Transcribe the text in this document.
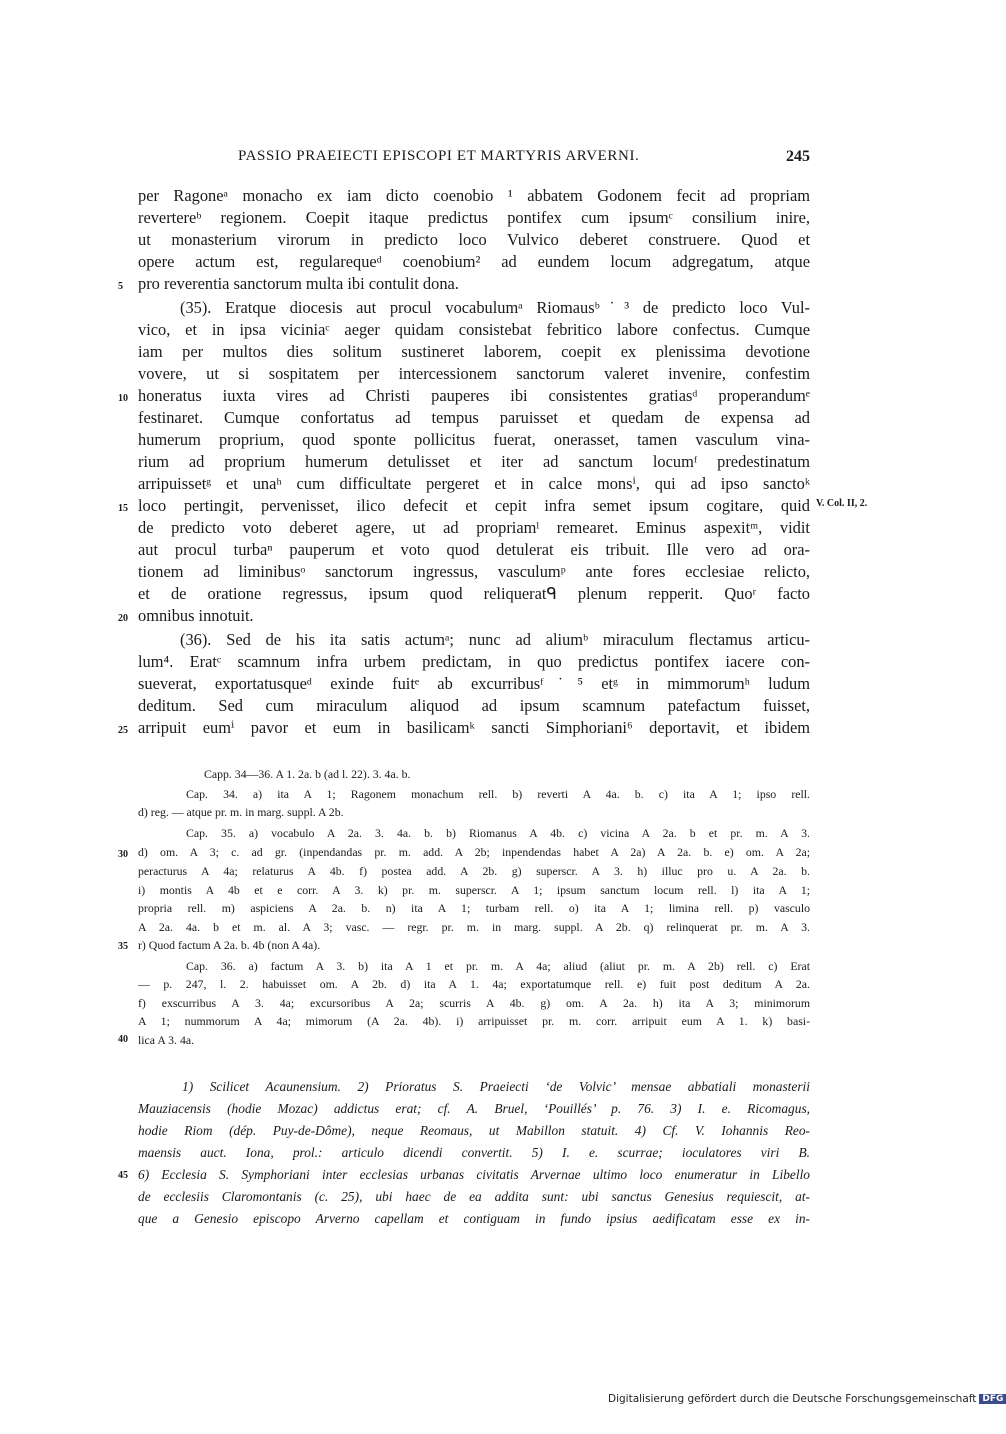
PASSIO PRAEIECTI EPISCOPI ET MARTYRIS ARVERNI.	245
per Ragoneᵃ monacho ex iam dicto coenobio ¹ abbatem Godonem fecit ad propriam
revertereᵇ regionem. Coepit itaque predictus pontifex cum ipsumᶜ consilium inire,
ut monasterium virorum in predicto loco Vulvico deberet construere. Quod et
opere actum est, regularequeᵈ coenobium² ad eundem locum adgregatum, atque
pro reverentia sanctorum multa ibi contulit dona.
(35). Eratque diocesis aut procul vocabulumᵃ Riomausᵇ˙³ de predicto loco Vul-
vico, et in ipsa viciniaᶜ aeger quidam consistebat febritico labore confectus. Cumque
iam per multos dies solitum sustineret laborem, coepit ex plenissima devotione
vovere, ut si sospitatem per intercessionem sanctorum valeret invenire, confestim
honeratus iuxta vires ad Christi pauperes ibi consistentes gratiasᵈ properandumᵉ
festinaret. Cumque confortatus ad tempus paruisset et quedam de expensa ad
humerum proprium, quod sponte pollicitus fuerat, onerasset, tamen vasculum vina-
rium ad proprium humerum detulisset et iter ad sanctum locumᶠ predestinatum
arripuissetᵍ et unaʰ cum difficultate pergeret et in calce monsⁱ, qui ad ipso sanctoᵏ
loco pertingit, pervenisset, ilico defecit et cepit infra semet ipsum cogitare, quid
de predicto voto deberet agere, ut ad propriamˡ remearet. Eminus aspexitᵐ, vidit
aut procul turbaⁿ pauperum et voto quod detulerat eis tribuit. Ille vero ad ora-
tionem ad liminibusᵒ sanctorum ingressus, vasculumᵖ ante fores ecclesiae relicto,
et de oratione regressus, ipsum quod reliqueratᑫ plenum repperit. Quoʳ facto
omnibus innotuit.
(36). Sed de his ita satis actumᵃ; nunc ad aliumᵇ miraculum flectamus articu-
lum⁴. Eratᶜ scamnum infra urbem predictam, in quo predictus pontifex iacere con-
sueverat, exportatusqueᵈ exinde fuitᵉ ab excurribusᶠ˙⁵ etᵍ in mimmorumʰ ludum
deditum. Sed cum miraculum aliquod ad ipsum scamnum patefactum fuisset,
arripuit eumⁱ pavor et eum in basilicamᵏ sancti Simphoriani⁶ deportavit, et ibidem
5
10
15
20
25
V. Col. II, 2.
Capp. 34—36. A 1. 2a. b (ad l. 22). 3. 4a. b.
Cap. 34. a) ita A 1; Ragonem monachum rell. b) reverti A 4a. b. c) ita A 1; ipso rell.
d) reg. — atque pr. m. in marg. suppl. A 2b.
Cap. 35. a) vocabulo A 2a. 3. 4a. b. b) Riomanus A 4b. c) vicina A 2a. b et pr. m. A 3.
d) om. A 3; c. ad gr. (inpendandas pr. m. add. A 2b; inpendendas habet A 2a) A 2a. b. e) om. A 2a;
peracturus A 4a; relaturus A 4b. f) postea add. A 2b. g) superscr. A 3. h) illuc pro u. A 2a. b.
i) montis A 4b et e corr. A 3. k) pr. m. superscr. A 1; ipsum sanctum locum rell. l) ita A 1;
propria rell. m) aspiciens A 2a. b. n) ita A 1; turbam rell. o) ita A 1; limina rell. p) vasculo
A 2a. 4a. b et m. al. A 3; vasc. — regr. pr. m. in marg. suppl. A 2b. q) relinquerat pr. m. A 3.
r) Quod factum A 2a. b. 4b (non A 4a).
Cap. 36. a) factum A 3. b) ita A 1 et pr. m. A 4a; aliud (aliut pr. m. A 2b) rell. c) Erat
— p. 247, l. 2. habuisset om. A 2b. d) ita A 1. 4a; exportatumque rell. e) fuit post deditum A 2a.
f) exscurribus A 3. 4a; excursoribus A 2a; scurris A 4b. g) om. A 2a. h) ita A 3; minimorum
A 1; nummorum A 4a; mimorum (A 2a. 4b). i) arripuisset pr. m. corr. arripuit eum A 1. k) basi-
lica A 3. 4a.
30
35
40
1) Scilicet Acaunensium. 2) Prioratus S. Praeiecti ‘de Volvic’ mensae abbatiali monasterii
Mauziacensis (hodie Mozac) addictus erat; cf. A. Bruel, ‘Pouillés’ p. 76. 3) I. e. Ricomagus,
hodie Riom (dép. Puy-de-Dôme), neque Reomaus, ut Mabillon statuit. 4) Cf. V. Iohannis Reo-
maensis auct. Iona, prol.: articulo dicendi convertit. 5) I. e. scurrae; ioculatores viri B.
6) Ecclesia S. Symphoriani inter ecclesias urbanas civitatis Arvernae ultimo loco enumeratur in Libello
de ecclesiis Claromontanis (c. 25), ubi haec de ea addita sunt: ubi sanctus Genesius requiescit, at-
que a Genesio episcopo Arverno capellam et contiguam in fundo ipsius aedificatam esse ex in-
45
Digitalisierung gefördert durch die Deutsche Forschungsgemeinschaft DFG
